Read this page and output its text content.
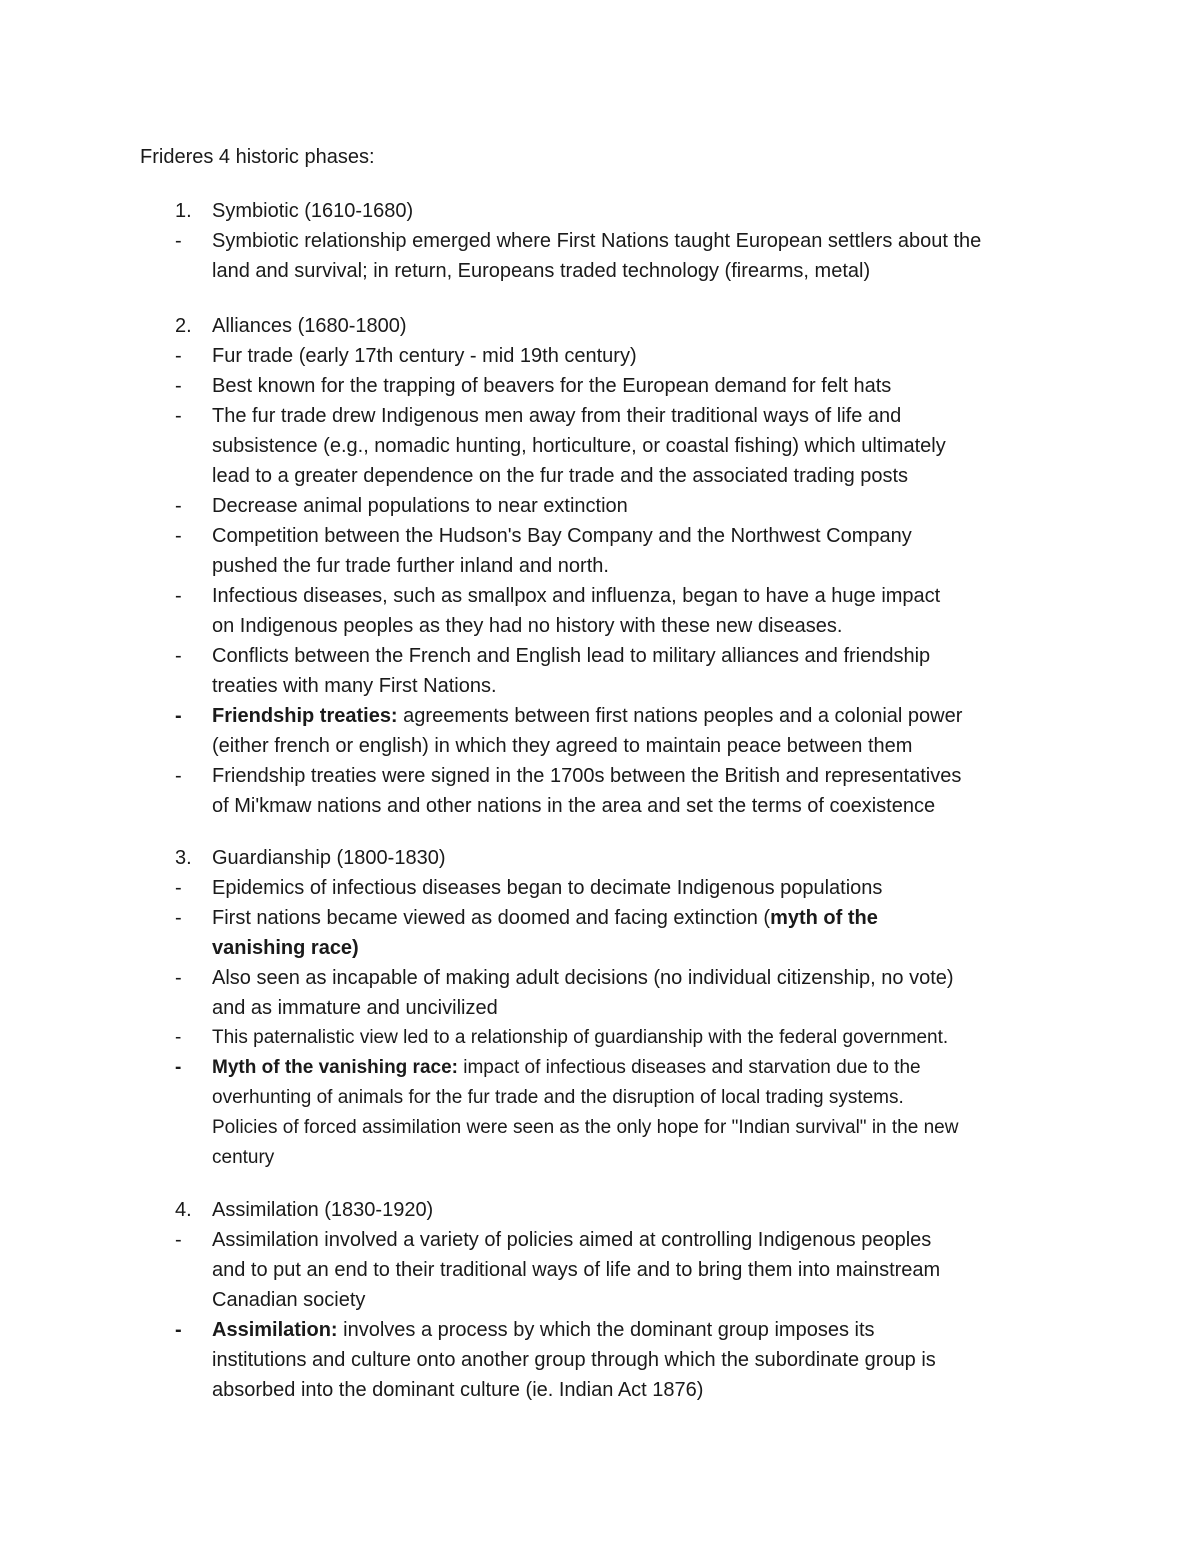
Frideres 4 historic phases:
1. Symbiotic (1610-1680)
- Symbiotic relationship emerged where First Nations taught European settlers about the
land and survival; in return, Europeans traded technology (firearms, metal)
2. Alliances (1680-1800)
- Fur trade (early 17th century - mid 19th century)
- Best known for the trapping of beavers for the European demand for felt hats
- The fur trade drew Indigenous men away from their traditional ways of life and
subsistence (e.g., nomadic hunting, horticulture, or coastal fishing) which ultimately
lead to a greater dependence on the fur trade and the associated trading posts
- Decrease animal populations to near extinction
- Competition between the Hudson's Bay Company and the Northwest Company
pushed the fur trade further inland and north.
- Infectious diseases, such as smallpox and influenza, began to have a huge impact
on Indigenous peoples as they had no history with these new diseases.
- Conflicts between the French and English lead to military alliances and friendship
treaties with many First Nations.
- Friendship treaties: agreements between first nations peoples and a colonial power
(either french or english) in which they agreed to maintain peace between them
- Friendship treaties were signed in the 1700s between the British and representatives
of Mi'kmaw nations and other nations in the area and set the terms of coexistence
3. Guardianship (1800-1830)
- Epidemics of infectious diseases began to decimate Indigenous populations
- First nations became viewed as doomed and facing extinction (myth of the
vanishing race)
- Also seen as incapable of making adult decisions (no individual citizenship, no vote)
and as immature and uncivilized
- This paternalistic view led to a relationship of guardianship with the federal government.
- Myth of the vanishing race: impact of infectious diseases and starvation due to the
overhunting of animals for the fur trade and the disruption of local trading systems.
Policies of forced assimilation were seen as the only hope for "Indian survival" in the new
century
4. Assimilation (1830-1920)
- Assimilation involved a variety of policies aimed at controlling Indigenous peoples
and to put an end to their traditional ways of life and to bring them into mainstream
Canadian society
- Assimilation: involves a process by which the dominant group imposes its
institutions and culture onto another group through which the subordinate group is
absorbed into the dominant culture (ie. Indian Act 1876)
